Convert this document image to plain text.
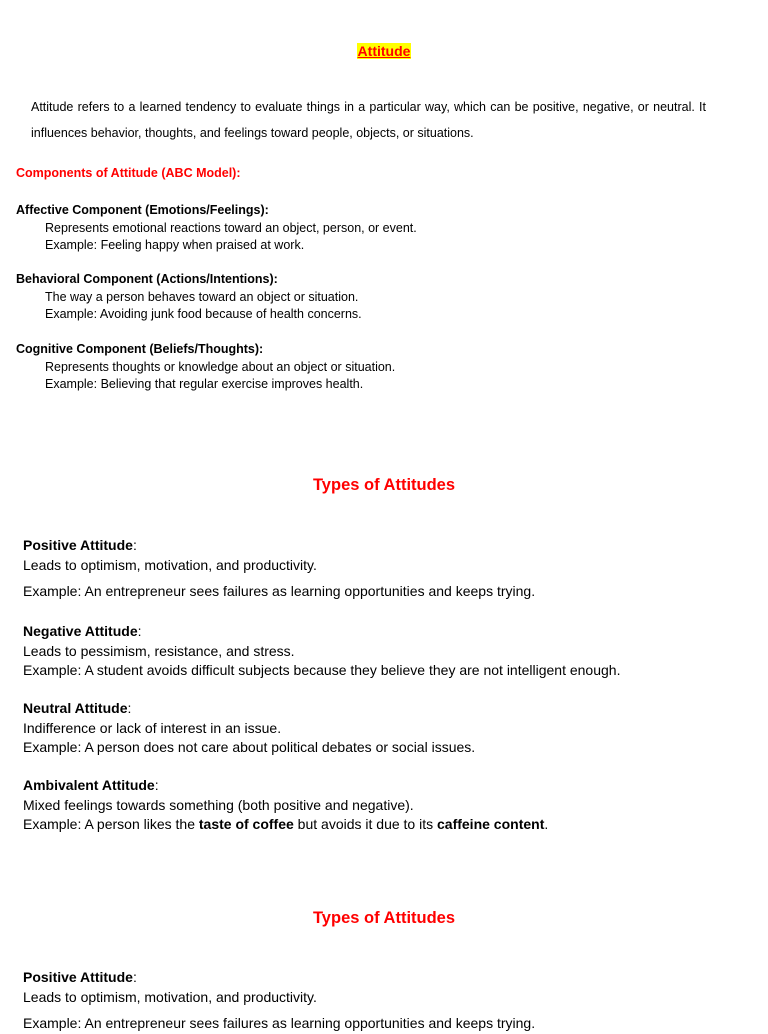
Attitude
Attitude refers to a learned tendency to evaluate things in a particular way, which can be positive, negative, or neutral. It influences behavior, thoughts, and feelings toward people, objects, or situations.
Components of Attitude (ABC Model):
Affective Component (Emotions/Feelings):
Represents emotional reactions toward an object, person, or event.
Example: Feeling happy when praised at work.
Behavioral Component (Actions/Intentions):
The way a person behaves toward an object or situation.
Example: Avoiding junk food because of health concerns.
Cognitive Component (Beliefs/Thoughts):
Represents thoughts or knowledge about an object or situation.
Example: Believing that regular exercise improves health.
Types of Attitudes
Positive Attitude:
Leads to optimism, motivation, and productivity.
Example: An entrepreneur sees failures as learning opportunities and keeps trying.
Negative Attitude:
Leads to pessimism, resistance, and stress.
Example: A student avoids difficult subjects because they believe they are not intelligent enough.
Neutral Attitude:
Indifference or lack of interest in an issue.
Example: A person does not care about political debates or social issues.
Ambivalent Attitude:
Mixed feelings towards something (both positive and negative).
Example: A person likes the taste of coffee but avoids it due to its caffeine content.
Types of Attitudes
Positive Attitude:
Leads to optimism, motivation, and productivity.
Example: An entrepreneur sees failures as learning opportunities and keeps trying.
